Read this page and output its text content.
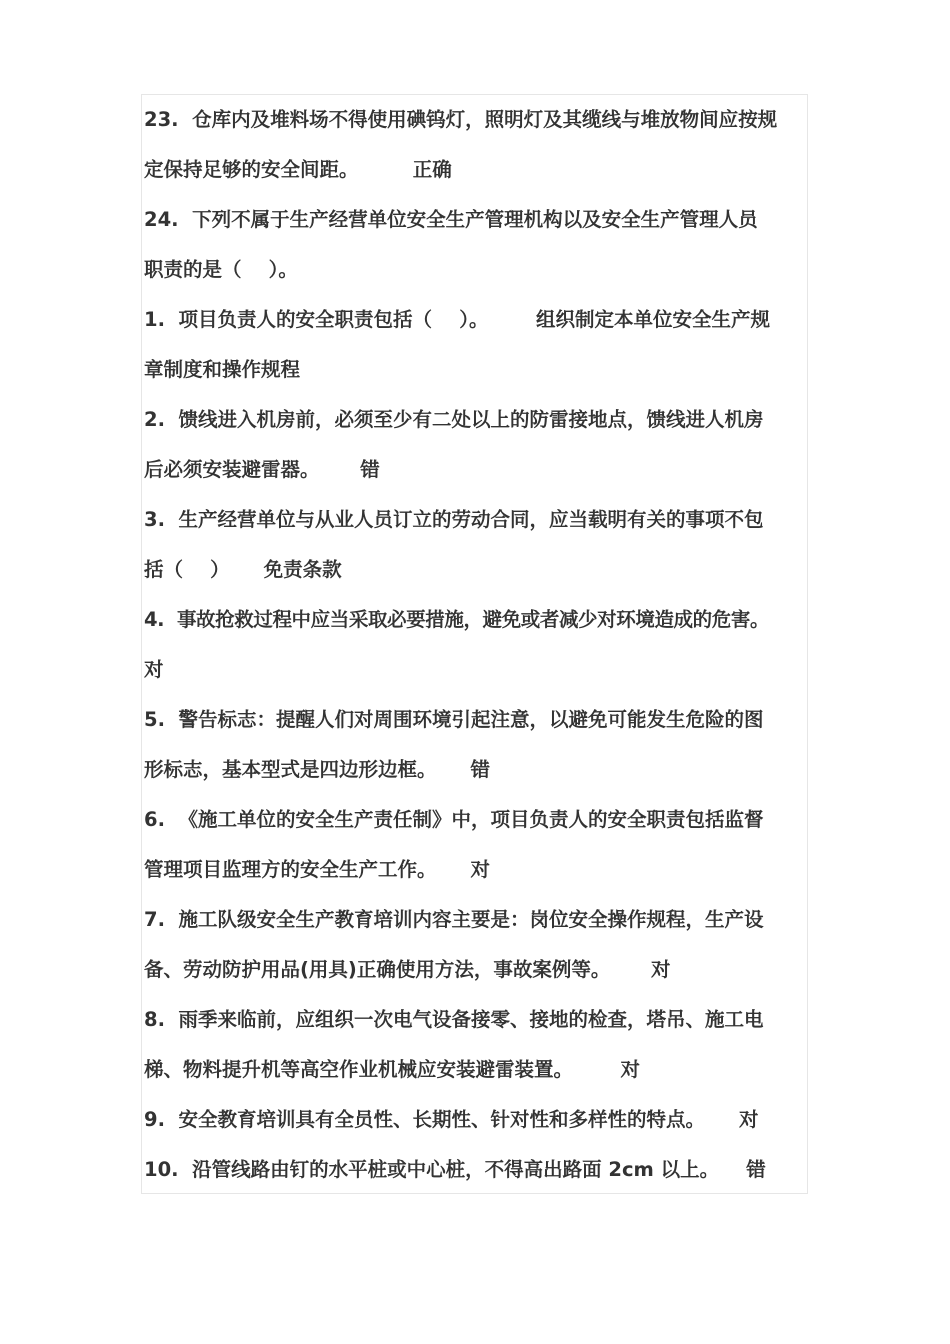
23.  仓库内及堆料场不得使用碘钨灯，照明灯及其缆线与堆放物间应按规
定保持足够的安全间距。        正确
24.  下列不属于生产经营单位安全生产管理机构以及安全生产管理人员
职责的是（    ）。
1.  项目负责人的安全职责包括（    ）。       组织制定本单位安全生产规
章制度和操作规程
2.  馈线进入机房前，必须至少有二处以上的防雷接地点，馈线进人机房
后必须安装避雷器。      错
3.  生产经营单位与从业人员订立的劳动合同，应当载明有关的事项不包
括（    ）     免责条款
4.  事故抢救过程中应当采取必要措施，避免或者减少对环境造成的危害。
对
5.  警告标志：提醒人们对周围环境引起注意，以避免可能发生危险的图
形标志，基本型式是四边形边框。     错
6.  《施工单位的安全生产责任制》中，项目负责人的安全职责包括监督
管理项目监理方的安全生产工作。     对
7.  施工队级安全生产教育培训内容主要是：岗位安全操作规程，生产设
备、劳动防护用品(用具)正确使用方法，事故案例等。      对
8.  雨季来临前，应组织一次电气设备接零、接地的检查，塔吊、施工电
梯、物料提升机等高空作业机械应安装避雷装置。       对
9.  安全教育培训具有全员性、长期性、针对性和多样性的特点。     对
10.  沿管线路由钉的水平桩或中心桩，不得高出路面 2cm 以上。    错
